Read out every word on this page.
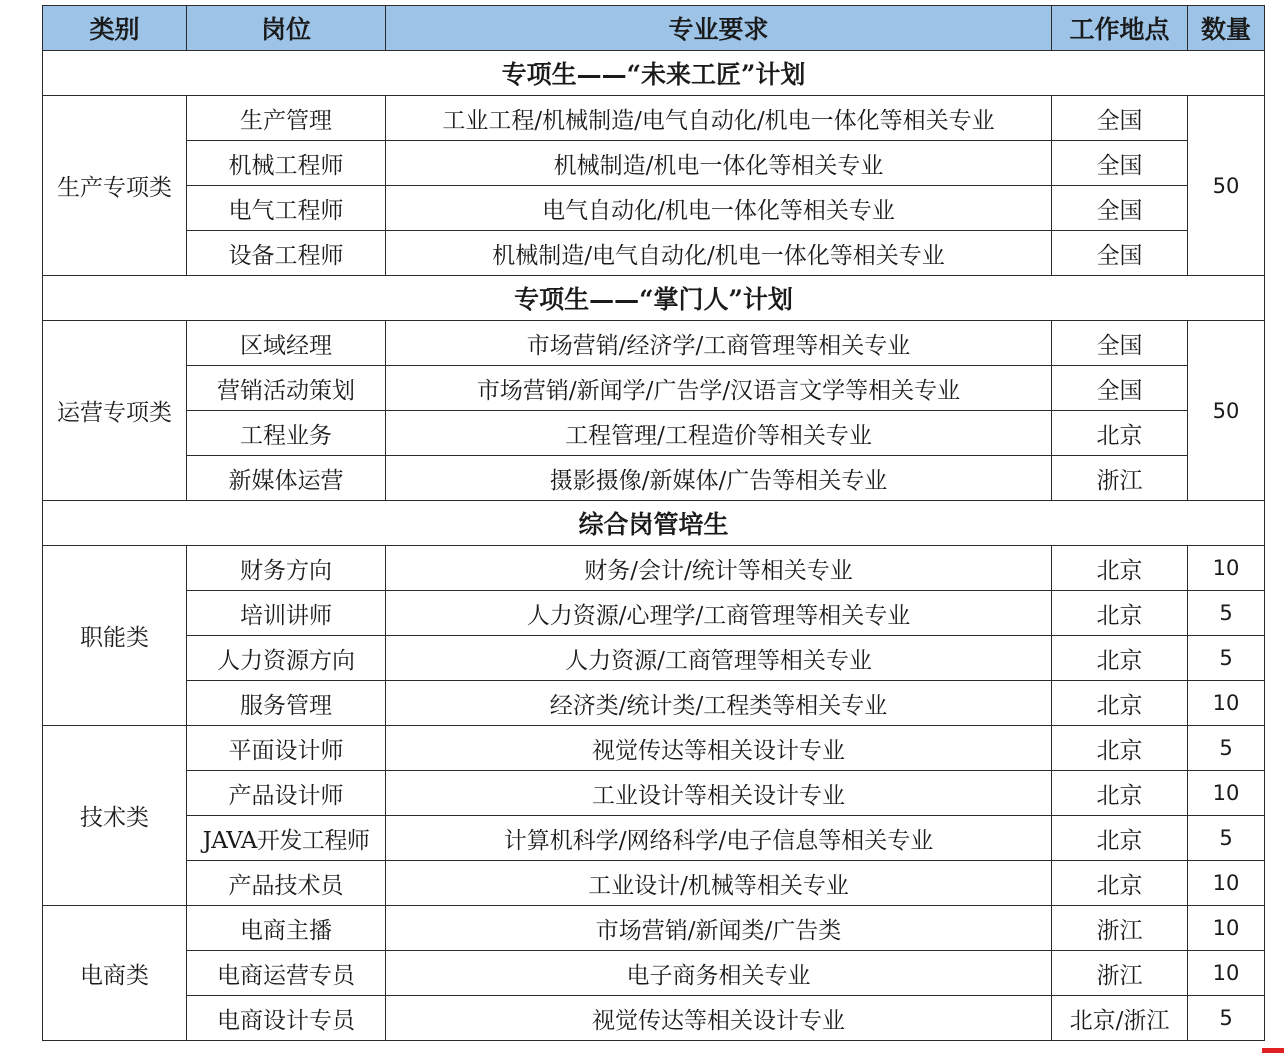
类别	岗位	专业要求	工作地点	数量
专项生——“未来工匠”计划				
生产专项类	生产管理	工业工程/机械制造/电气自动化/机电一体化等相关专业	全国	50
	机械工程师	机械制造/机电一体化等相关专业	全国	
	电气工程师	电气自动化/机电一体化等相关专业	全国	
	设备工程师	机械制造/电气自动化/机电一体化等相关专业	全国	
专项生——“掌门人”计划				
运营专项类	区域经理	市场营销/经济学/工商管理等相关专业	全国	50
	营销活动策划	市场营销/新闻学/广告学/汉语言文学等相关专业	全国	
	工程业务	工程管理/工程造价等相关专业	北京	
	新媒体运营	摄影摄像/新媒体/广告等相关专业	浙江	
综合岗管培生				
职能类	财务方向	财务/会计/统计等相关专业	北京	10
	培训讲师	人力资源/心理学/工商管理等相关专业	北京	5
	人力资源方向	人力资源/工商管理等相关专业	北京	5
	服务管理	经济类/统计类/工程类等相关专业	北京	10
技术类	平面设计师	视觉传达等相关设计专业	北京	5
	产品设计师	工业设计等相关设计专业	北京	10
	JAVA开发工程师	计算机科学/网络科学/电子信息等相关专业	北京	5
	产品技术员	工业设计/机械等相关专业	北京	10
电商类	电商主播	市场营销/新闻类/广告类	浙江	10
	电商运营专员	电子商务相关专业	浙江	10
	电商设计专员	视觉传达等相关设计专业	北京/浙江	5
